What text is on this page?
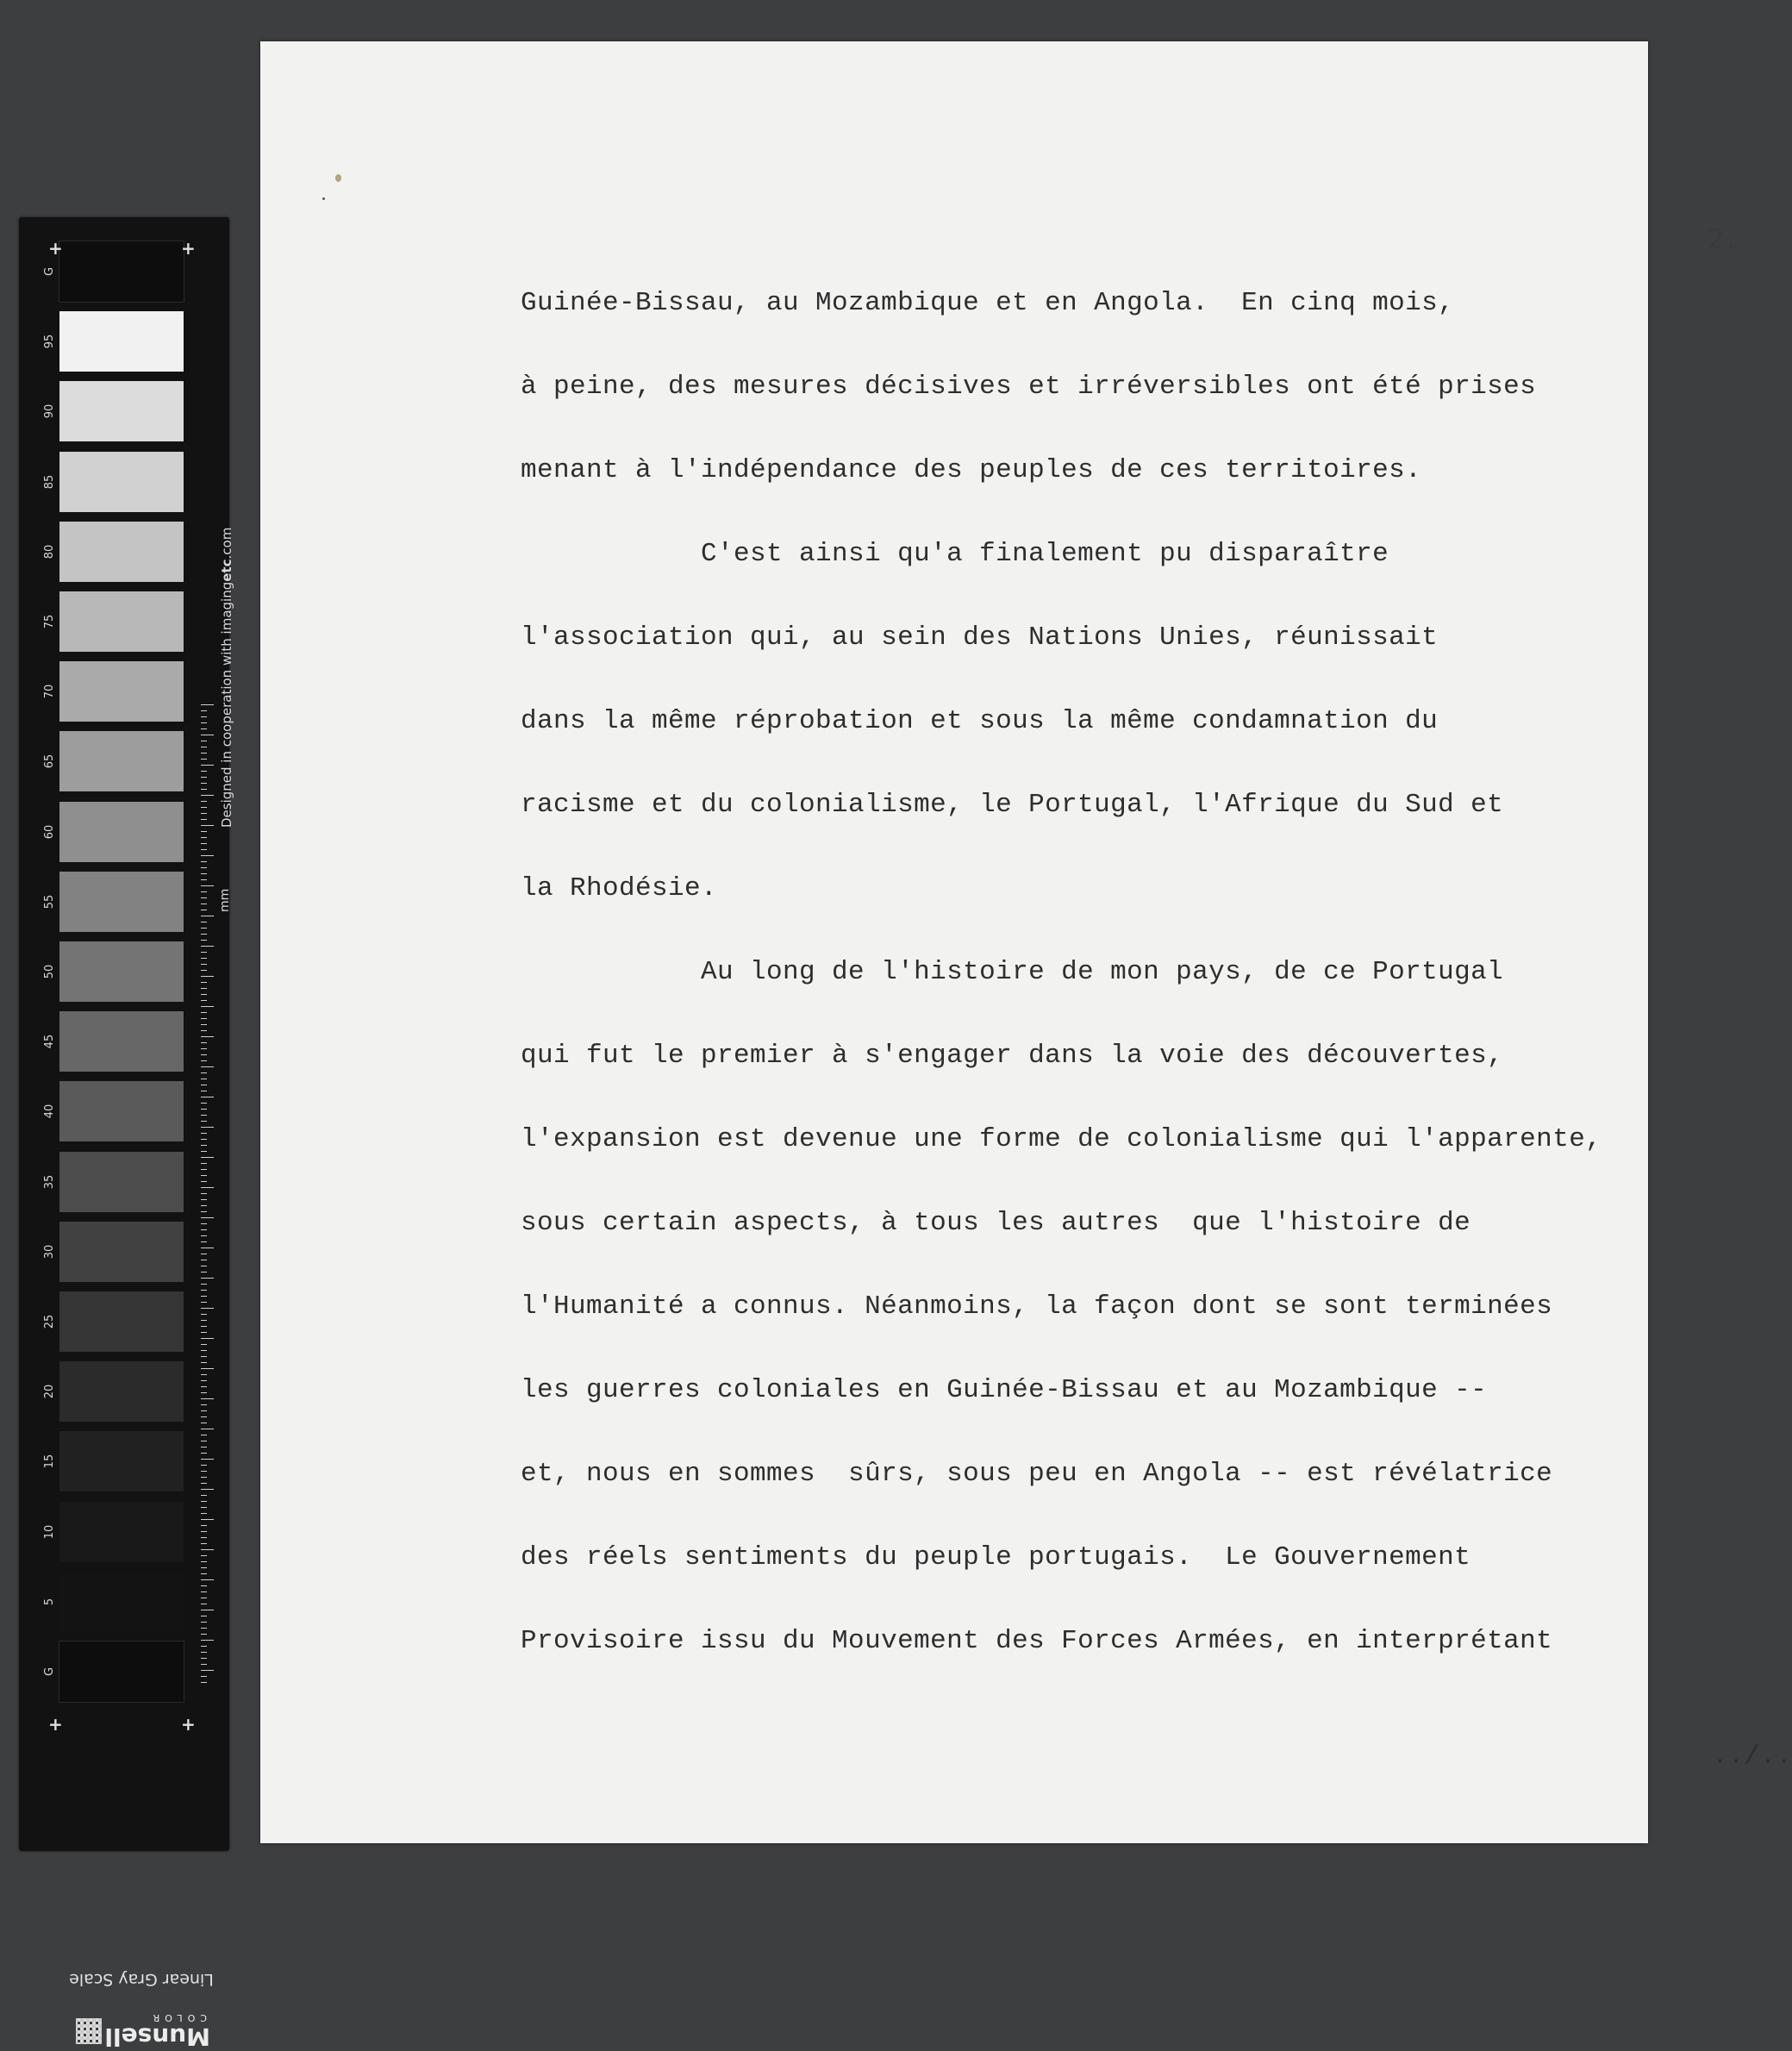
G
95
90
85
80
75
70
65
60
55
50
45
40
35
30
25
20
15
10
5
G
+	+
+	+
mm
Designed in cooperation with imagingetc.com
Linear Gray Scale
Munsell
COLOR
2.
Guinée-Bissau, au Mozambique et en Angola.  En cinq mois,
à peine, des mesures décisives et irréversibles ont été prises
menant à l'indépendance des peuples de ces territoires.
C'est ainsi qu'a finalement pu disparaître
l'association qui, au sein des Nations Unies, réunissait
dans la même réprobation et sous la même condamnation du
racisme et du colonialisme, le Portugal, l'Afrique du Sud et
la Rhodésie.
Au long de l'histoire de mon pays, de ce Portugal
qui fut le premier à s'engager dans la voie des découvertes,
l'expansion est devenue une forme de colonialisme qui l'apparente,
sous certain aspects, à tous les autres  que l'histoire de
l'Humanité a connus. Néanmoins, la façon dont se sont terminées
les guerres coloniales en Guinée-Bissau et au Mozambique --
et, nous en sommes  sûrs, sous peu en Angola -- est révélatrice
des réels sentiments du peuple portugais.  Le Gouvernement
Provisoire issu du Mouvement des Forces Armées, en interprétant
../..
